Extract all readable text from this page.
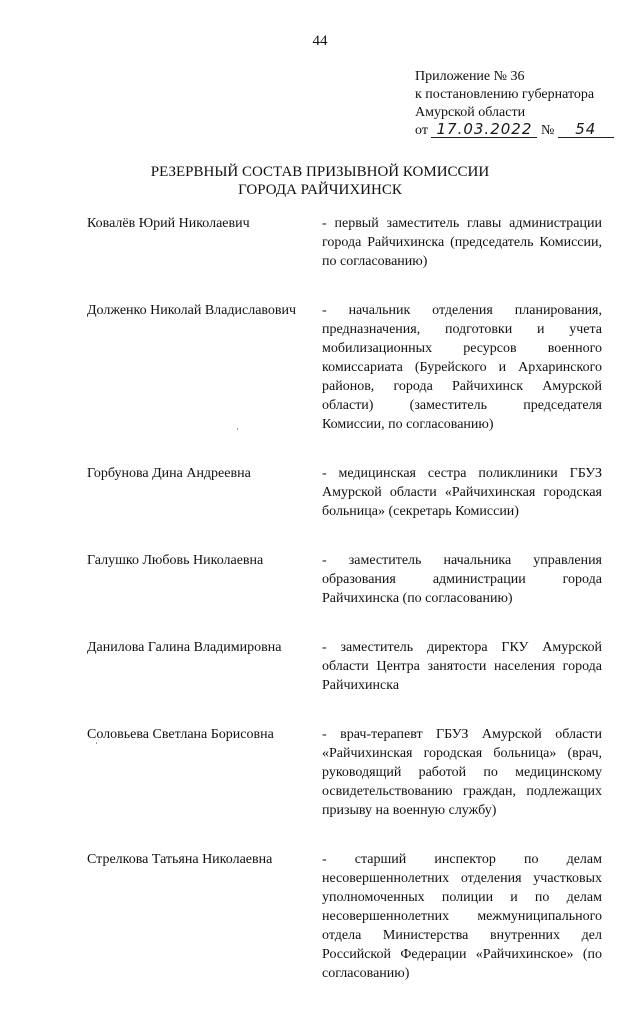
44
Приложение № 36
к постановлению губернатора
Амурской области
от 17.03.2022 № 54
РЕЗЕРВНЫЙ СОСТАВ ПРИЗЫВНОЙ КОМИССИИ
ГОРОДА РАЙЧИХИНСК
Ковалёв Юрий Николаевич	- первый заместитель главы администрации города Райчихинска (председатель Комиссии, по согласованию)
Долженко Николай Владиславович	- начальник отделения планирования, предназначения, подготовки и учета мобилизационных ресурсов военного комиссариата (Бурейского и Архаринского районов, города Райчихинск Амурской области) (заместитель председателя Комиссии, по согласованию)
Горбунова Дина Андреевна	- медицинская сестра поликлиники ГБУЗ Амурской области «Райчихинская городская больница» (секретарь Комиссии)
Галушко Любовь Николаевна	- заместитель начальника управления образования администрации города Райчихинска (по согласованию)
Данилова Галина Владимировна	- заместитель директора ГКУ Амурской области Центра занятости населения города Райчихинска
Соловьева Светлана Борисовна	- врач-терапевт ГБУЗ Амурской области «Райчихинская городская больница» (врач, руководящий работой по медицинскому освидетельствованию граждан, подлежащих призыву на военную службу)
Стрелкова Татьяна Николаевна	- старший инспектор по делам несовершеннолетних отделения участковых уполномоченных полиции и по делам несовершеннолетних межмуниципального отдела Министерства внутренних дел Российской Федерации «Райчихинское» (по согласованию)
